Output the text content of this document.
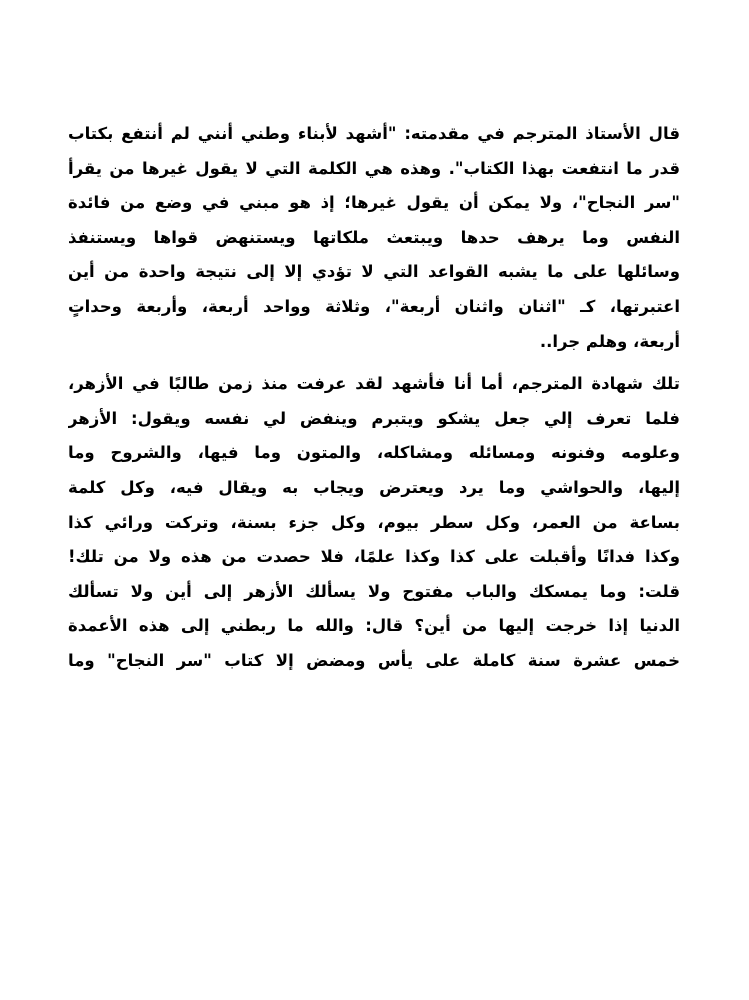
قال الأستاذ المترجم في مقدمته: "أشهد لأبناء وطني أنني لم أنتفع بكتاب
قدر ما انتفعت بهذا الكتاب". وهذه هي الكلمة التي لا يقول غيرها من يقرأ
"سر النجاح"، ولا يمكن أن يقول غيرها؛ إذ هو مبني في وضع من فائدة
النفس وما يرهف حدها ويبتعث ملكاتها ويستنهض قواها ويستنفذ
وسائلها على ما يشبه القواعد التي لا تؤدي إلا إلى نتيجة واحدة من أين
اعتبرتها، كـ "اثنان واثنان أربعة"، وثلاثة وواحد أربعة، وأربعة وحداتٍ
أربعة، وهلم جرا..
تلك شهادة المترجم، أما أنا فأشهد لقد عرفت منذ زمن طالبًا في الأزهر،
فلما تعرف إلي جعل يشكو ويتبرم وينفض لي نفسه ويقول: الأزهر
وعلومه وفنونه ومسائله ومشاكله، والمتون وما فيها، والشروح وما
إليها، والحواشي وما يرد ويعترض ويجاب به ويقال فيه، وكل كلمة
بساعة من العمر، وكل سطر بيوم، وكل جزء بسنة، وتركت ورائي كذا
وكذا فدانًا وأقبلت على كذا وكذا علمًا، فلا حصدت من هذه ولا من تلك!
قلت: وما يمسكك والباب مفتوح ولا يسألك الأزهر إلى أين ولا تسألك
الدنيا إذا خرجت إليها من أين؟ قال: والله ما ربطني إلى هذه الأعمدة
خمس عشرة سنة كاملة على يأس ومضض إلا كتاب "سر النجاح" وما
